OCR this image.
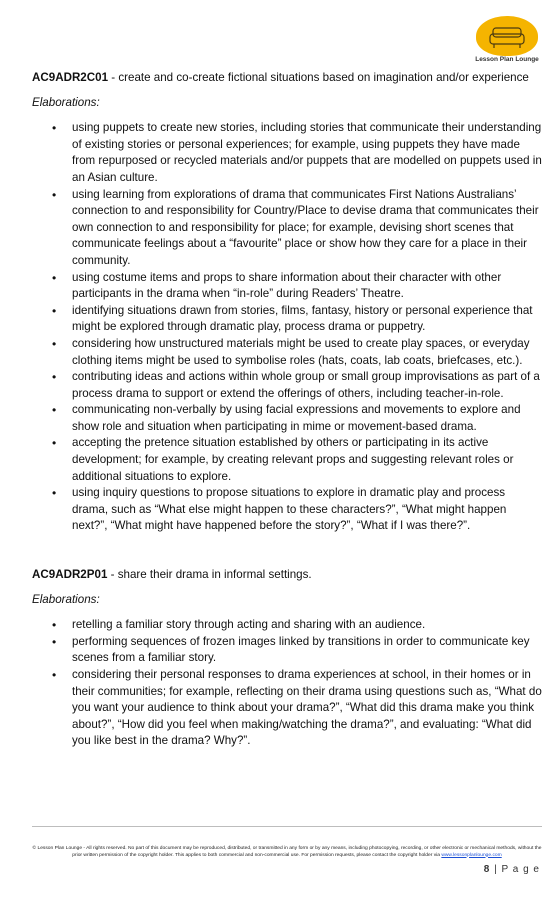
Lesson Plan Lounge
AC9ADR2C01 - create and co-create fictional situations based on imagination and/or experience
Elaborations:
• using puppets to create new stories, including stories that communicate their understanding of existing stories or personal experiences; for example, using puppets they have made from repurposed or recycled materials and/or puppets that are modelled on puppets used in an Asian culture.
• using learning from explorations of drama that communicates First Nations Australians’ connection to and responsibility for Country/Place to devise drama that communicates their own connection to and responsibility for place; for example, devising short scenes that communicate feelings about a “favourite” place or show how they care for a place in their community.
• using costume items and props to share information about their character with other participants in the drama when “in-role” during Readers’ Theatre.
• identifying situations drawn from stories, films, fantasy, history or personal experience that might be explored through dramatic play, process drama or puppetry.
• considering how unstructured materials might be used to create play spaces, or everyday clothing items might be used to symbolise roles (hats, coats, lab coats, briefcases, etc.).
• contributing ideas and actions within whole group or small group improvisations as part of a process drama to support or extend the offerings of others, including teacher-in-role.
• communicating non-verbally by using facial expressions and movements to explore and show role and situation when participating in mime or movement-based drama.
• accepting the pretence situation established by others or participating in its active development; for example, by creating relevant props and suggesting relevant roles or additional situations to explore.
• using inquiry questions to propose situations to explore in dramatic play and process drama, such as “What else might happen to these characters?”, “What might happen next?”, “What might have happened before the story?”, “What if I was there?”.
AC9ADR2P01 - share their drama in informal settings.
Elaborations:
• retelling a familiar story through acting and sharing with an audience.
• performing sequences of frozen images linked by transitions in order to communicate key scenes from a familiar story.
• considering their personal responses to drama experiences at school, in their homes or in their communities; for example, reflecting on their drama using questions such as, “What do you want your audience to think about your drama?”, “What did this drama make you think about?”, “How did you feel when making/watching the drama?”, and evaluating: “What did you like best in the drama? Why?”.
© Lesson Plan Lounge - All rights reserved. No part of this document may be reproduced, distributed, or transmitted in any form or by any means, including photocopying, recording, or other electronic or mechanical methods, without the prior written permission of the copyright holder. This applies to both commercial and non-commercial use. For permission requests, please contact the copyright holder via www.lessonplanlounge.com
8 | P a g e
